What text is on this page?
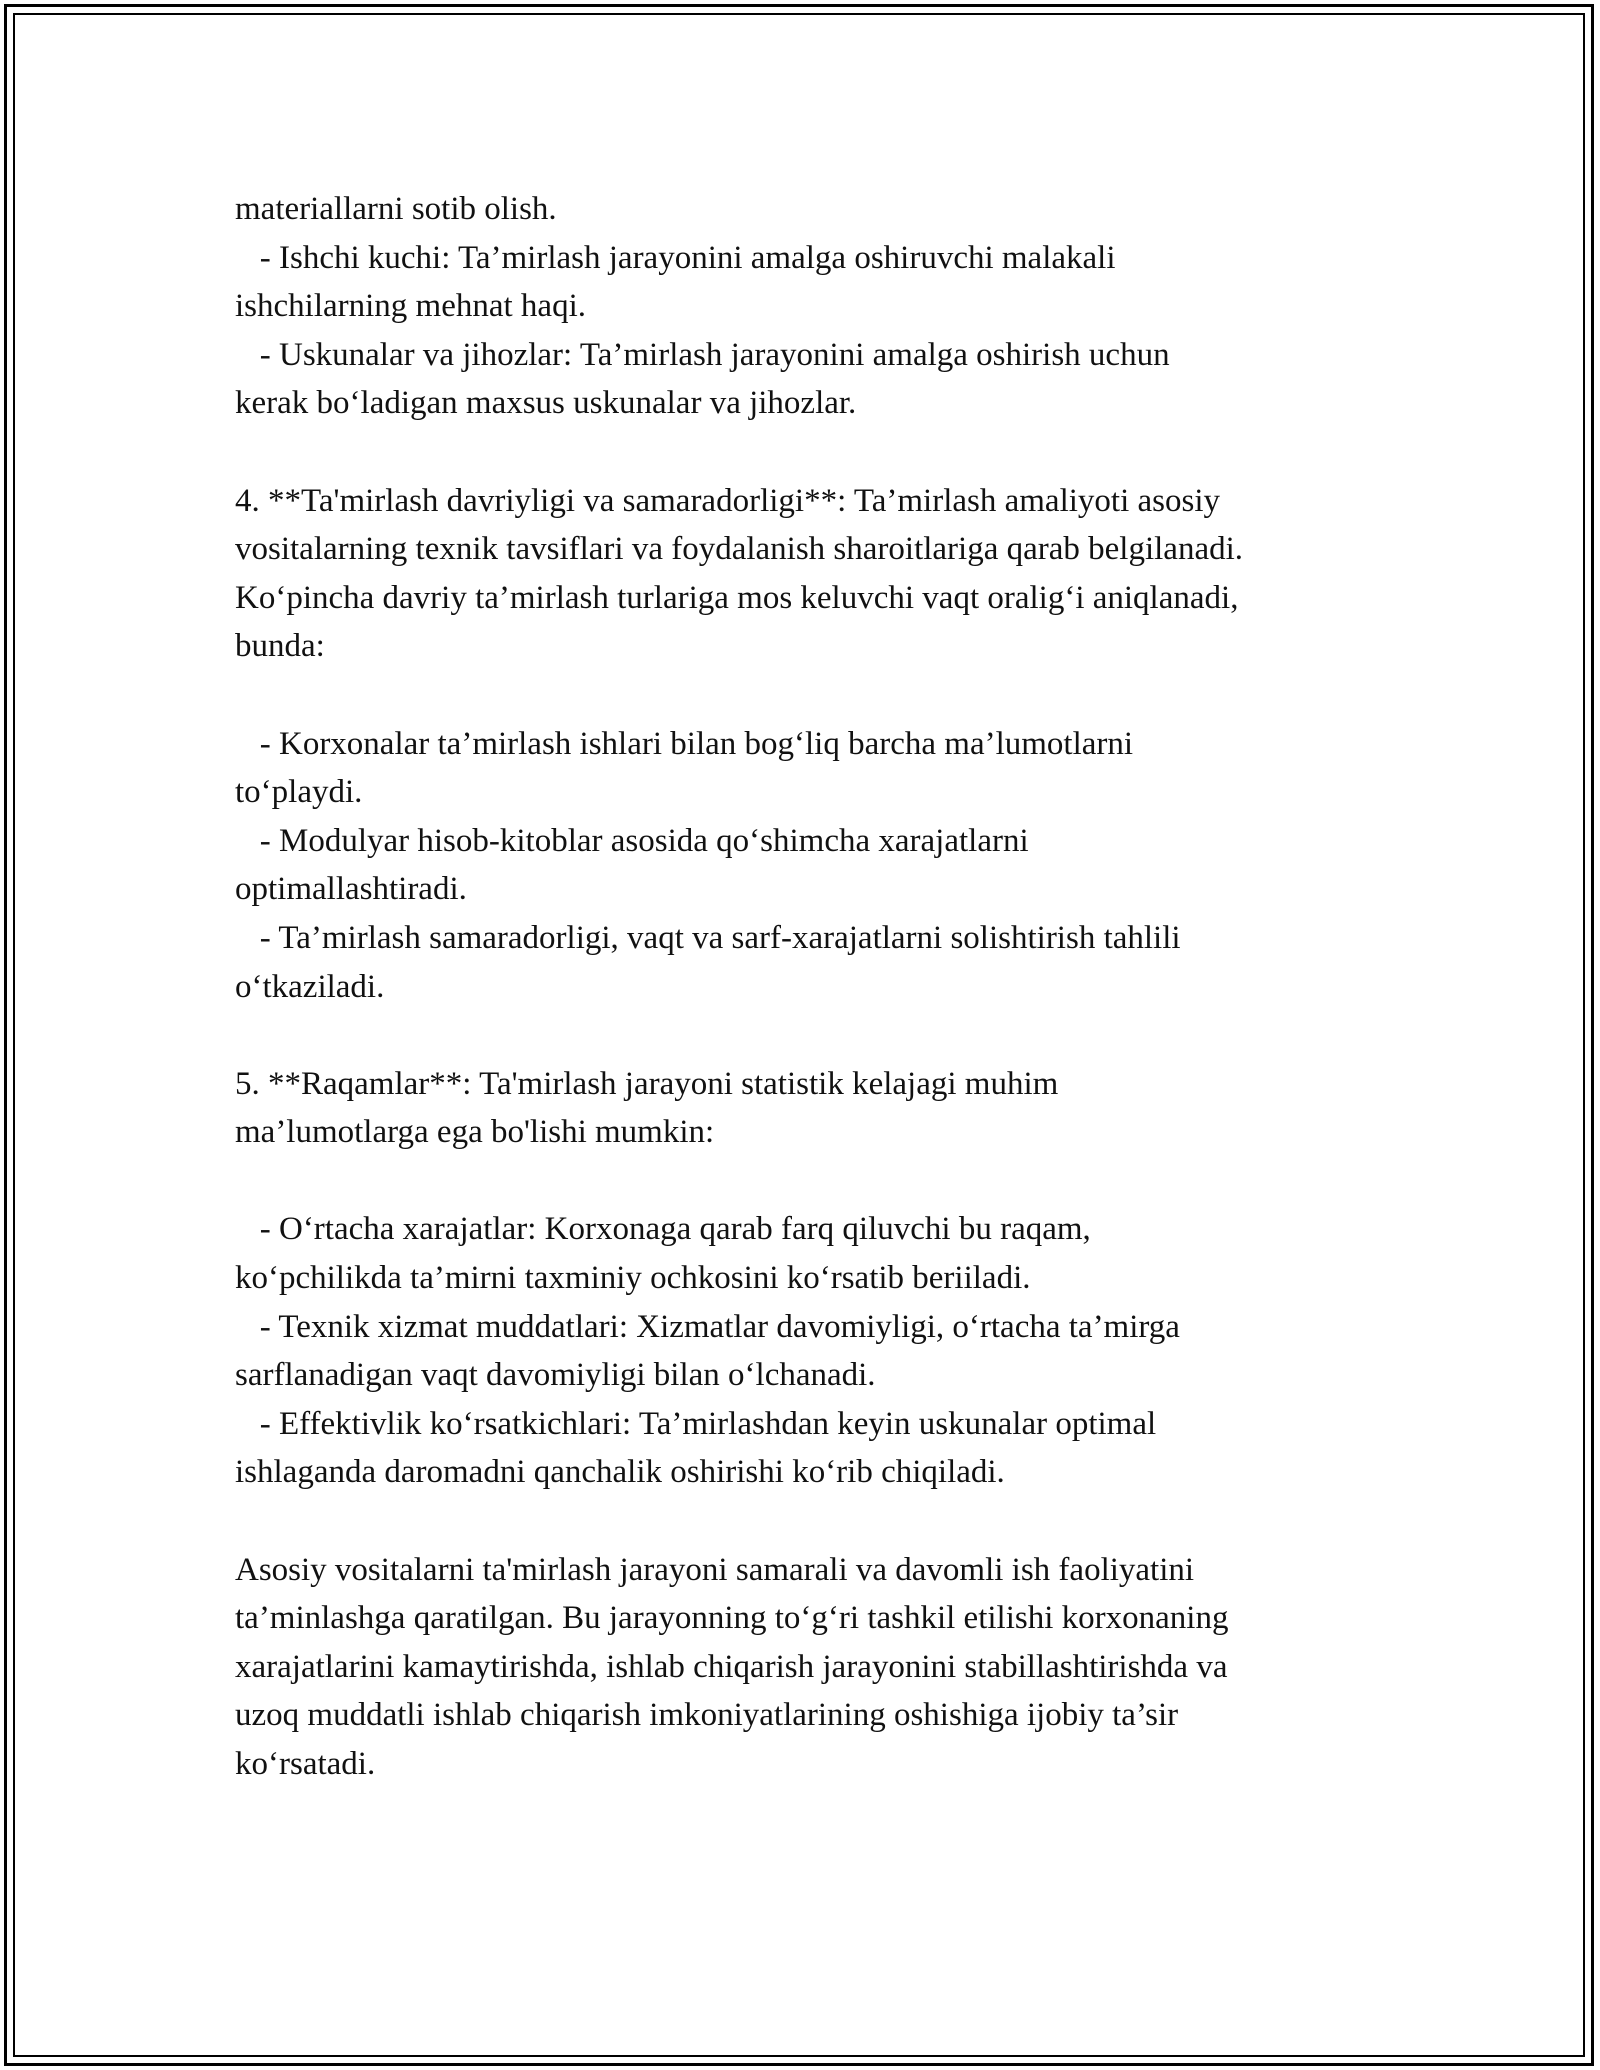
materiallarni sotib olish.
- Ishchi kuchi: Ta’mirlash jarayonini amalga oshiruvchi malakali
ishchilarning mehnat haqi.
- Uskunalar va jihozlar: Ta’mirlash jarayonini amalga oshirish uchun
kerak bo‘ladigan maxsus uskunalar va jihozlar.
4. **Ta'mirlash davriyligi va samaradorligi**: Ta’mirlash amaliyoti asosiy
vositalarning texnik tavsiflari va foydalanish sharoitlariga qarab belgilanadi.
Ko‘pincha davriy ta’mirlash turlariga mos keluvchi vaqt oralig‘i aniqlanadi,
bunda:
- Korxonalar ta’mirlash ishlari bilan bog‘liq barcha ma’lumotlarni
to‘playdi.
- Modulyar hisob-kitoblar asosida qo‘shimcha xarajatlarni
optimallashtiradi.
- Ta’mirlash samaradorligi, vaqt va sarf-xarajatlarni solishtirish tahlili
o‘tkaziladi.
5. **Raqamlar**: Ta'mirlash jarayoni statistik kelajagi muhim
ma’lumotlarga ega bo'lishi mumkin:
- O‘rtacha xarajatlar: Korxonaga qarab farq qiluvchi bu raqam,
ko‘pchilikda ta’mirni taxminiy ochkosini ko‘rsatib beriiladi.
- Texnik xizmat muddatlari: Xizmatlar davomiyligi, o‘rtacha ta’mirga
sarflanadigan vaqt davomiyligi bilan o‘lchanadi.
- Effektivlik ko‘rsatkichlari: Ta’mirlashdan keyin uskunalar optimal
ishlaganda daromadni qanchalik oshirishi ko‘rib chiqiladi.
Asosiy vositalarni ta'mirlash jarayoni samarali va davomli ish faoliyatini
ta’minlashga qaratilgan. Bu jarayonning to‘g‘ri tashkil etilishi korxonaning
xarajatlarini kamaytirishda, ishlab chiqarish jarayonini stabillashtirishda va
uzoq muddatli ishlab chiqarish imkoniyatlarining oshishiga ijobiy ta’sir
ko‘rsatadi.
